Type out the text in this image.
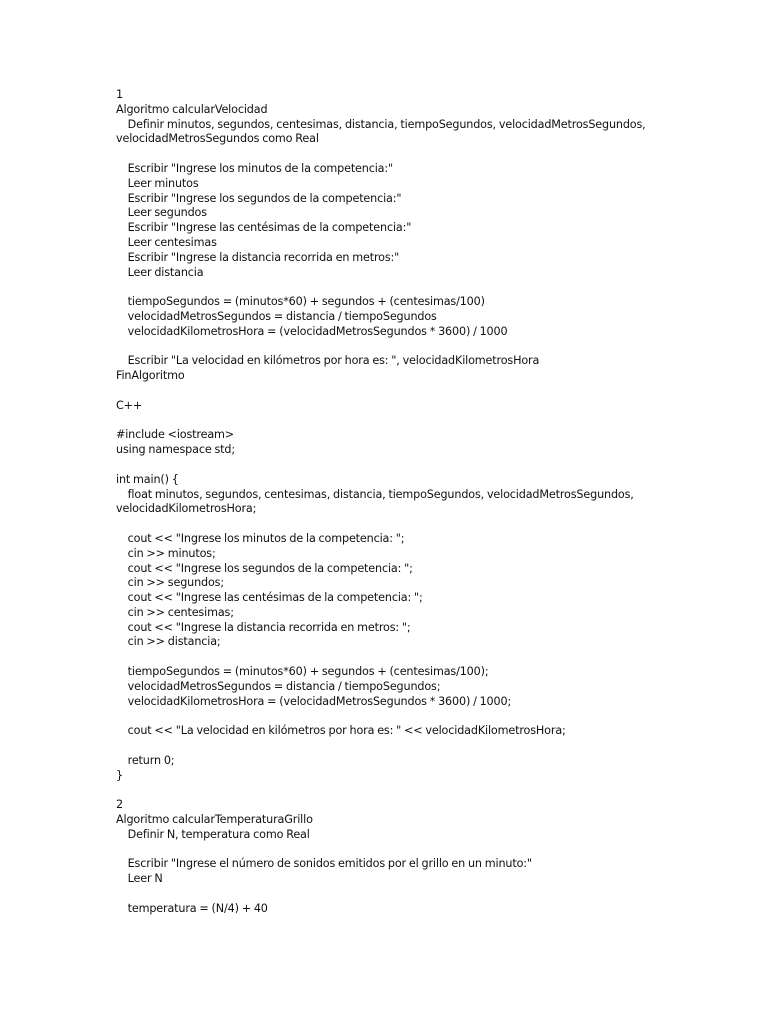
1
Algoritmo calcularVelocidad
Definir minutos, segundos, centesimas, distancia, tiempoSegundos, velocidadMetrosSegundos,
velocidadMetrosSegundos como Real
Escribir "Ingrese los minutos de la competencia:"
Leer minutos
Escribir "Ingrese los segundos de la competencia:"
Leer segundos
Escribir "Ingrese las centésimas de la competencia:"
Leer centesimas
Escribir "Ingrese la distancia recorrida en metros:"
Leer distancia
tiempoSegundos = (minutos*60) + segundos + (centesimas/100)
velocidadMetrosSegundos = distancia / tiempoSegundos
velocidadKilometrosHora = (velocidadMetrosSegundos * 3600) / 1000
Escribir "La velocidad en kilómetros por hora es: ", velocidadKilometrosHora
FinAlgoritmo
C++
#include <iostream>
using namespace std;
int main() {
float minutos, segundos, centesimas, distancia, tiempoSegundos, velocidadMetrosSegundos,
velocidadKilometrosHora;
cout << "Ingrese los minutos de la competencia: ";
cin >> minutos;
cout << "Ingrese los segundos de la competencia: ";
cin >> segundos;
cout << "Ingrese las centésimas de la competencia: ";
cin >> centesimas;
cout << "Ingrese la distancia recorrida en metros: ";
cin >> distancia;
tiempoSegundos = (minutos*60) + segundos + (centesimas/100);
velocidadMetrosSegundos = distancia / tiempoSegundos;
velocidadKilometrosHora = (velocidadMetrosSegundos * 3600) / 1000;
cout << "La velocidad en kilómetros por hora es: " << velocidadKilometrosHora;
return 0;
}
2
Algoritmo calcularTemperaturaGrillo
Definir N, temperatura como Real
Escribir "Ingrese el número de sonidos emitidos por el grillo en un minuto:"
Leer N
temperatura = (N/4) + 40
